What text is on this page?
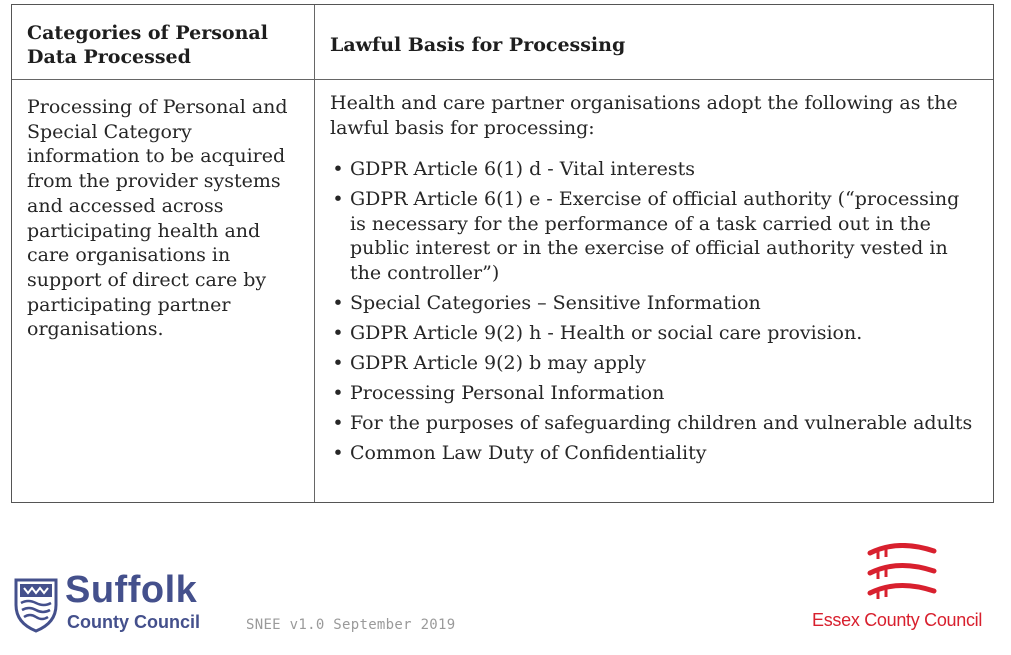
Categories of Personal Data Processed
Lawful Basis for Processing
Processing of Personal and Special Category information to be acquired from the provider systems and accessed across participating health and care organisations in support of direct care by participating partner organisations.
Health and care partner organisations adopt the following as the lawful basis for processing:
• GDPR Article 6(1) d - Vital interests
• GDPR Article 6(1) e - Exercise of official authority (“processing is necessary for the performance of a task carried out in the public interest or in the exercise of official authority vested in the controller”)
• Special Categories – Sensitive Information
• GDPR Article 9(2) h - Health or social care provision.
• GDPR Article 9(2) b may apply
• Processing Personal Information
• For the purposes of safeguarding children and vulnerable adults
• Common Law Duty of Confidentiality
Suffolk
County Council	SNEE v1.0 September 2019	Essex County Council
